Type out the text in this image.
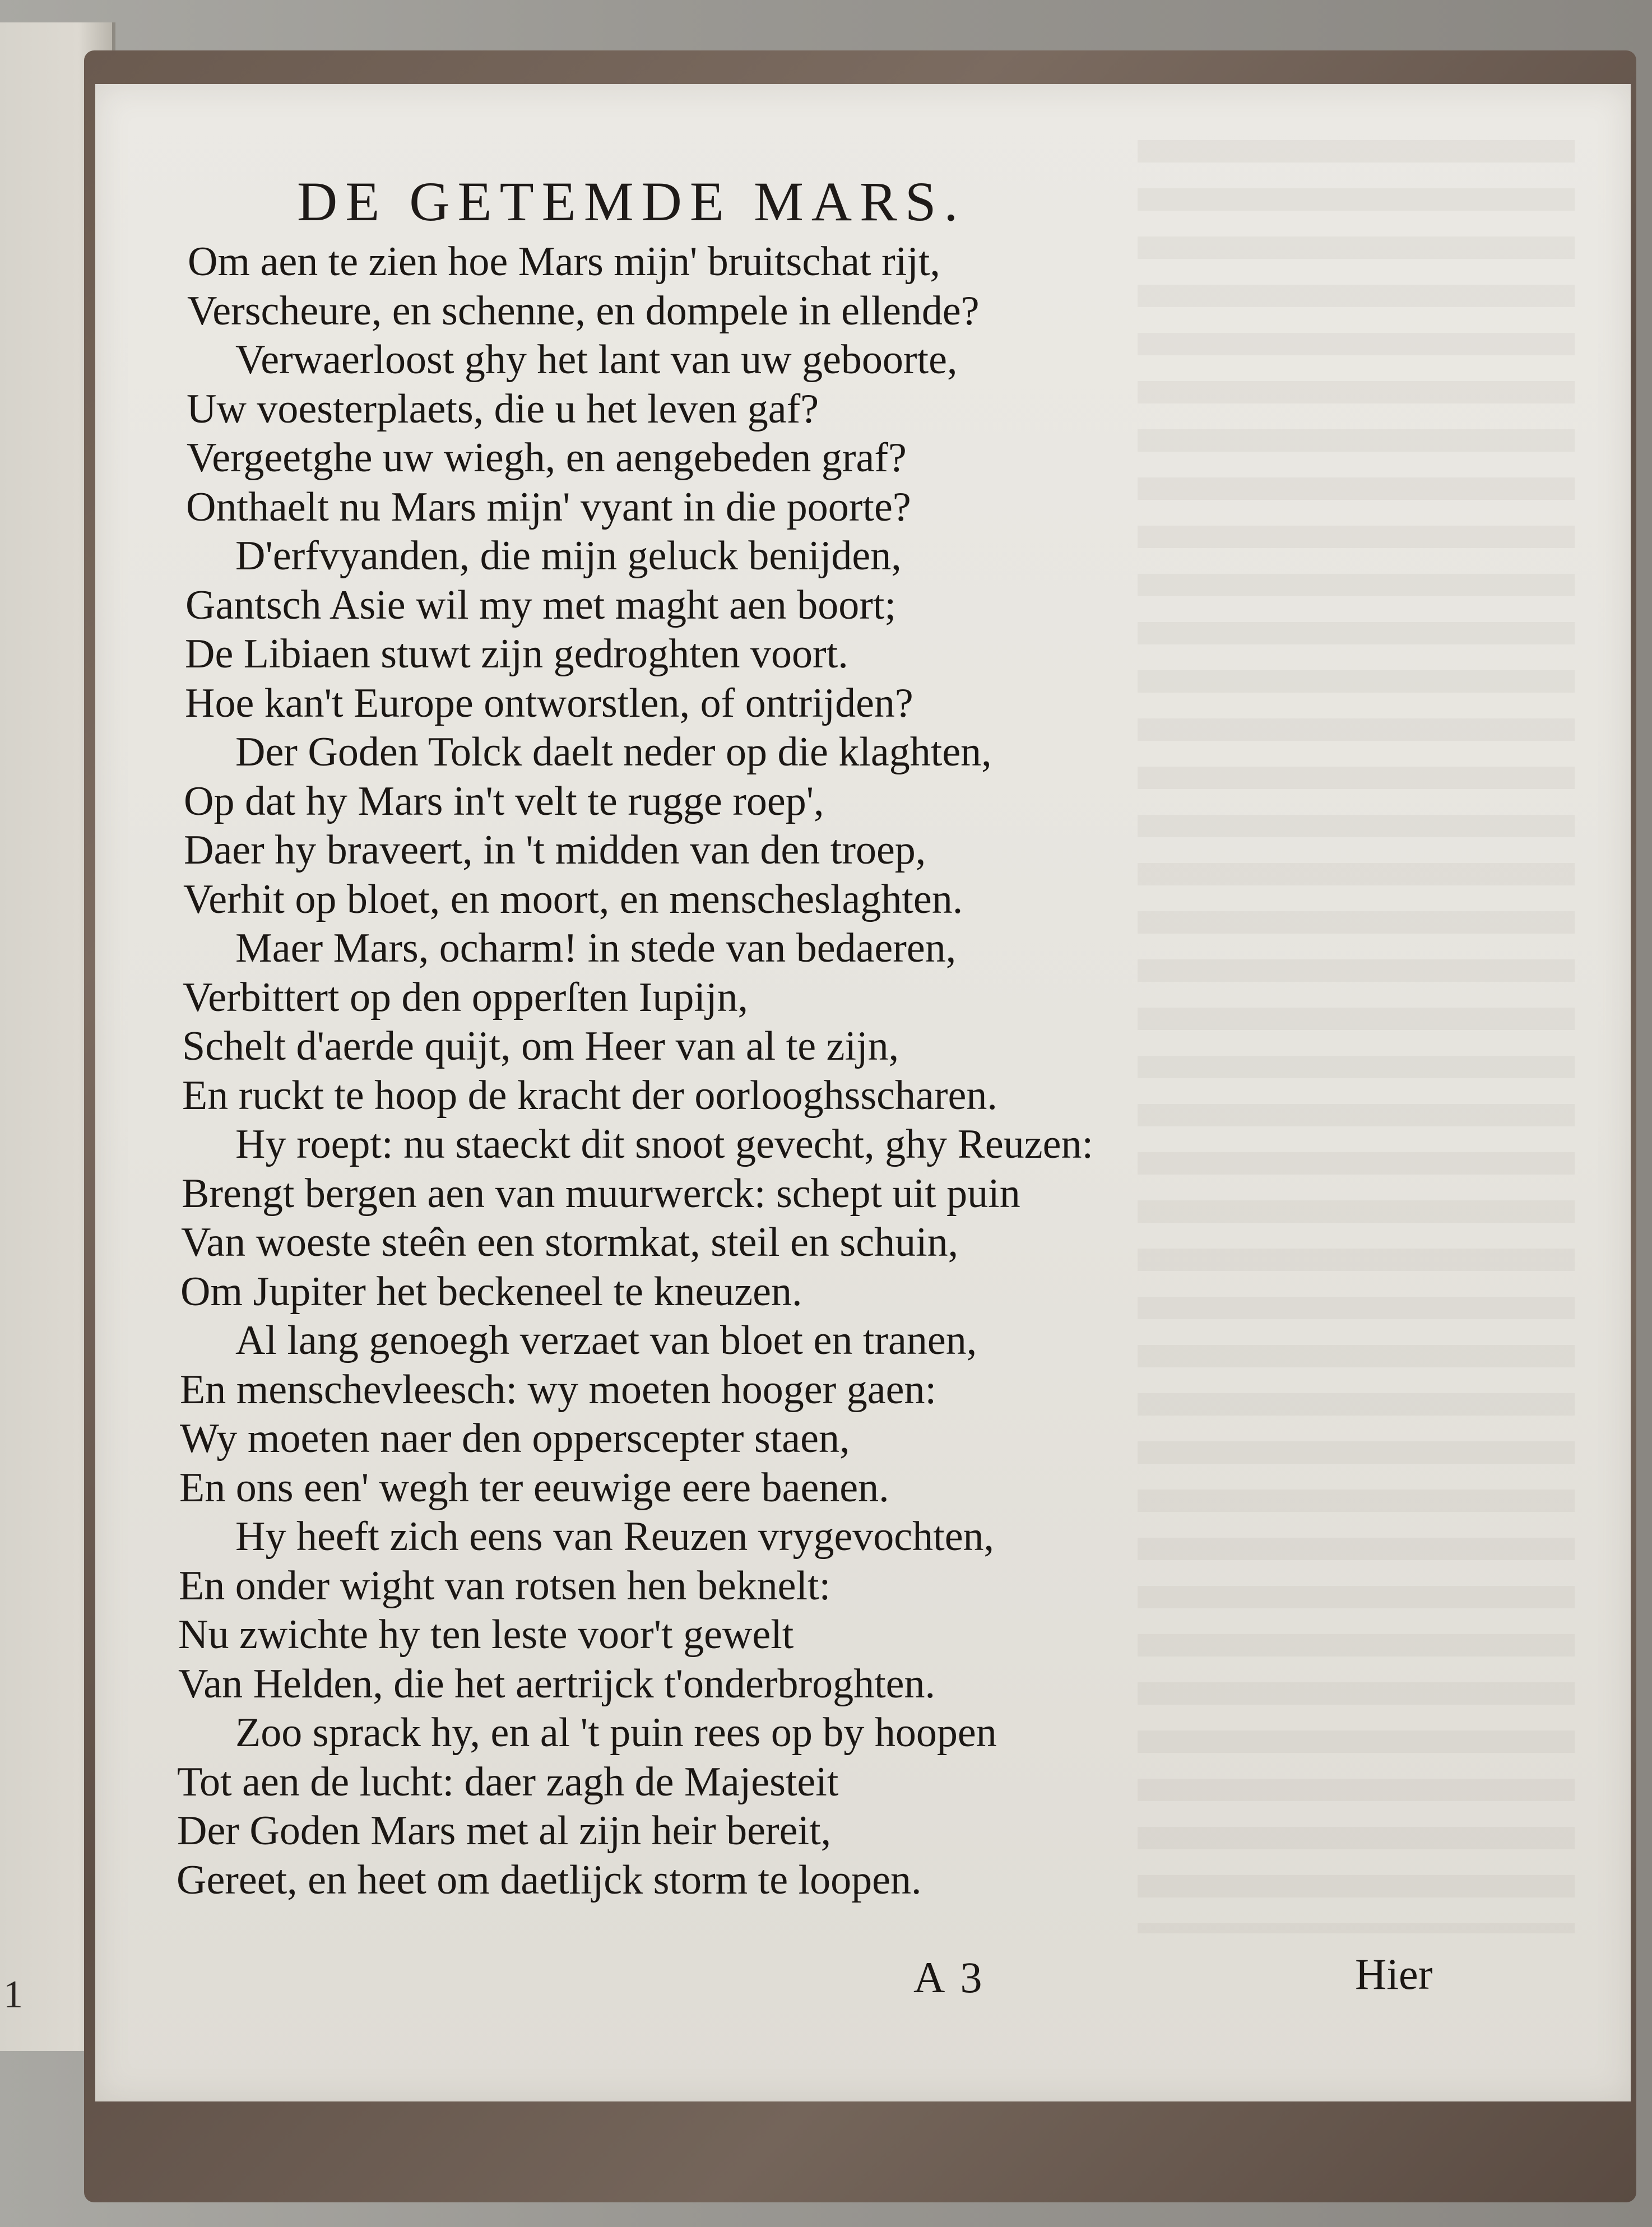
1
DE GETEMDE MARS.
Om aen te zien hoe Mars mijn' bruitschat rijt,
Verscheure, en schenne, en dompele in ellende?
Verwaerloost ghy het lant van uw geboorte,
Uw voesterplaets, die u het leven gaf?
Vergeetghe uw wiegh, en aengebeden graf?
Onthaelt nu Mars mijn' vyant in die poorte?
D'erfvyanden, die mijn geluck benijden,
Gantsch Asie wil my met maght aen boort;
De Libiaen stuwt zijn gedroghten voort.
Hoe kan't Europe ontworstlen, of ontrijden?
Der Goden Tolck daelt neder op die klaghten,
Op dat hy Mars in't velt te rugge roep',
Daer hy braveert, in 't midden van den troep,
Verhit op bloet, en moort, en menscheslaghten.
Maer Mars, ocharm! in stede van bedaeren,
Verbittert op den opperſten Iupijn,
Schelt d'aerde quijt, om Heer van al te zijn,
En ruckt te hoop de kracht der oorlooghsscharen.
Hy roept: nu staeckt dit snoot gevecht, ghy Reuzen:
Brengt bergen aen van muurwerck: schept uit puin
Van woeste steên een stormkat, steil en schuin,
Om Jupiter het beckeneel te kneuzen.
Al lang genoegh verzaet van bloet en tranen,
En menschevleesch: wy moeten hooger gaen:
Wy moeten naer den opperscepter staen,
En ons een' wegh ter eeuwige eere baenen.
Hy heeft zich eens van Reuzen vrygevochten,
En onder wight van rotsen hen beknelt:
Nu zwichte hy ten leste voor't gewelt
Van Helden, die het aertrijck t'onderbroghten.
Zoo sprack hy, en al 't puin rees op by hoopen
Tot aen de lucht: daer zagh de Majesteit
Der Goden Mars met al zijn heir bereit,
Gereet, en heet om daetlijck storm te loopen.
A 3	Hier
